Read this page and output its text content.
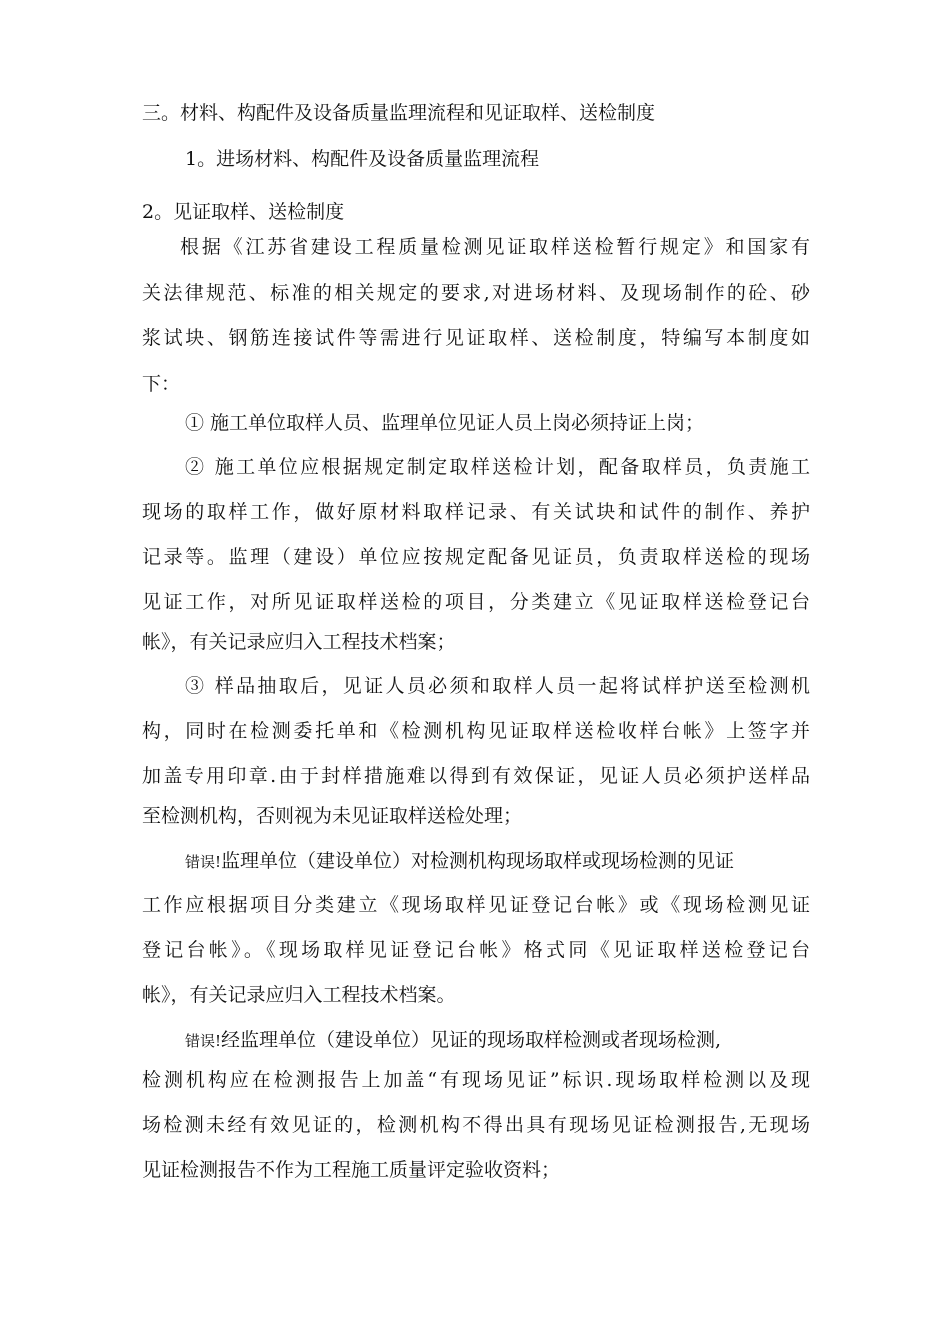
三。材料、构配件及设备质量监理流程和见证取样、送检制度
1。进场材料、构配件及设备质量监理流程
2。见证取样、送检制度
根据《江苏省建设工程质量检测见证取样送检暂行规定》和国家有
关法律规范、标准的相关规定的要求,对进场材料、及现场制作的砼、砂
浆试块、钢筋连接试件等需进行见证取样、送检制度，特编写本制度如
下：
① 施工单位取样人员、监理单位见证人员上岗必须持证上岗；
② 施工单位应根据规定制定取样送检计划，配备取样员，负责施工
现场的取样工作，做好原材料取样记录、有关试块和试件的制作、养护
记录等。监理（建设）单位应按规定配备见证员，负责取样送检的现场
见证工作，对所见证取样送检的项目，分类建立《见证取样送检登记台
帐》，有关记录应归入工程技术档案；
③ 样品抽取后，见证人员必须和取样人员一起将试样护送至检测机
构，同时在检测委托单和《检测机构见证取样送检收样台帐》上签字并
加盖专用印章.由于封样措施难以得到有效保证，见证人员必须护送样品
至检测机构，否则视为未见证取样送检处理；
错误!监理单位（建设单位）对检测机构现场取样或现场检测的见证
工作应根据项目分类建立《现场取样见证登记台帐》或《现场检测见证
登记台帐》。《现场取样见证登记台帐》格式同《见证取样送检登记台
帐》，有关记录应归入工程技术档案。
错误!经监理单位（建设单位）见证的现场取样检测或者现场检测,
检测机构应在检测报告上加盖“有现场见证”标识.现场取样检测以及现
场检测未经有效见证的，检测机构不得出具有现场见证检测报告,无现场
见证检测报告不作为工程施工质量评定验收资料；
